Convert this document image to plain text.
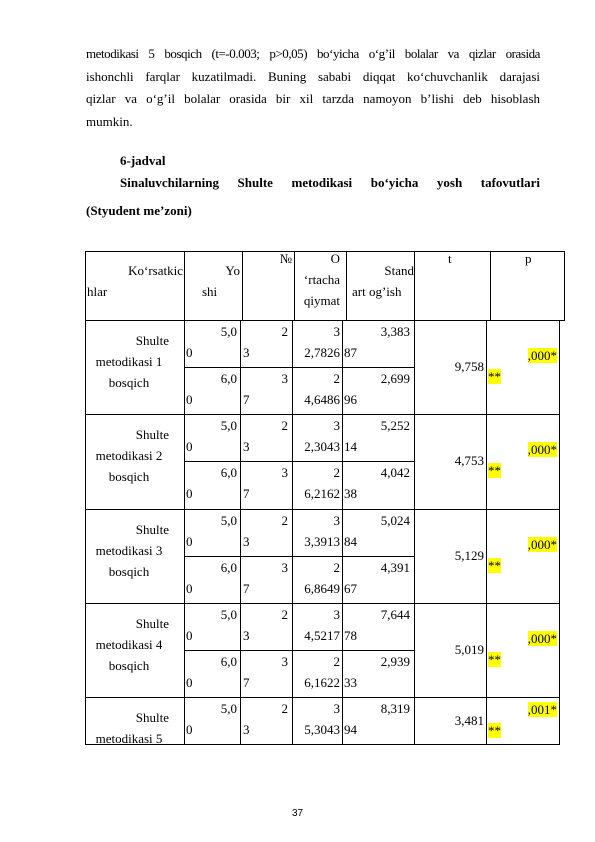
metodikasi 5 bosqich (t=-0.003; p>0,05) bo‘yicha o‘g’il bolalar va qizlar orasida
ishonchli farqlar kuzatilmadi. Buning sababi diqqat ko‘chuvchanlik darajasi
qizlar va o‘g’il bolalar orasida bir xil tarzda namoyon b’lishi deb hisoblash
mumkin.
6-jadval
Sinaluvchilarning Shulte metodikasi bo‘yicha yosh tafovutlari
(Styudent me’zoni)
Ko‘rsatkic
hlar
Yo
shi
№	O
‘rtacha
qiymat
Stand
art og’ish
t	p
Shulte
metodikasi 1
bosqich
5,0
0
2
3
3
2,7826
3,383
87
6,0
0
3
7
2
4,6486
2,699
96
9,758
,000*
**
Shulte
metodikasi 2
bosqich
5,0
0
2
3
3
2,3043
5,252
14
6,0
0
3
7
2
6,2162
4,042
38
4,753
,000*
**
Shulte
metodikasi 3
bosqich
5,0
0
2
3
3
3,3913
5,024
84
6,0
0
3
7
2
6,8649
4,391
67
5,129
,000*
**
Shulte
metodikasi 4
bosqich
5,0
0
2
3
3
4,5217
7,644
78
6,0
0
3
7
2
6,1622
2,939
33
5,019
,000*
**
Shulte
metodikasi 5
5,0
0
2
3
3
5,3043
8,319
94
3,481
,001*
**
37
